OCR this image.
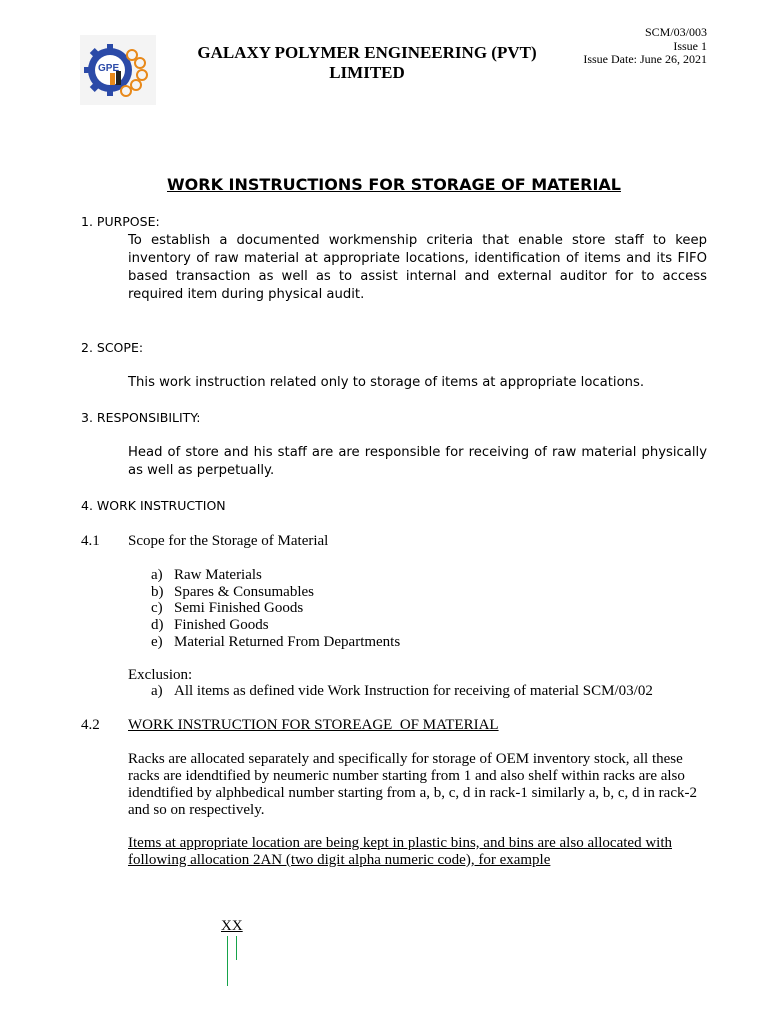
GPE
GALAXY POLYMER ENGINEERING (PVT)
LIMITED
SCM/03/003
Issue 1
Issue Date: June 26, 2021
WORK INSTRUCTIONS FOR STORAGE OF MATERIAL
1. PURPOSE:
To establish a documented workmenship criteria that enable store staff to keep inventory of raw material at appropriate locations, identification of items and its FIFO based transaction as well as to assist internal and external auditor for to access required item during physical audit.
2. SCOPE:
This work instruction related only to storage of items at appropriate locations.
3. RESPONSIBILITY:
Head of store and his staff are are responsible for receiving of raw material physically as well as perpetually.
4. WORK INSTRUCTION
4.1 Scope for the Storage of Material
a) Raw Materials
b) Spares & Consumables
c) Semi Finished Goods
d) Finished Goods
e) Material Returned From Departments
Exclusion:
a) All items as defined vide Work Instruction for receiving of material SCM/03/02
4.2 WORK INSTRUCTION FOR STOREAGE  OF MATERIAL
Racks are allocated separately and specifically for storage of OEM inventory stock, all these racks are idendtified by neumeric number starting from 1 and also shelf within racks are also idendtified by alphbedical number starting from a, b, c, d in rack-1 similarly a, b, c, d in rack-2 and so on respectively.
Items at appropriate location are being kept in plastic bins, and bins are also allocated with following allocation 2AN (two digit alpha numeric code), for example
XX
